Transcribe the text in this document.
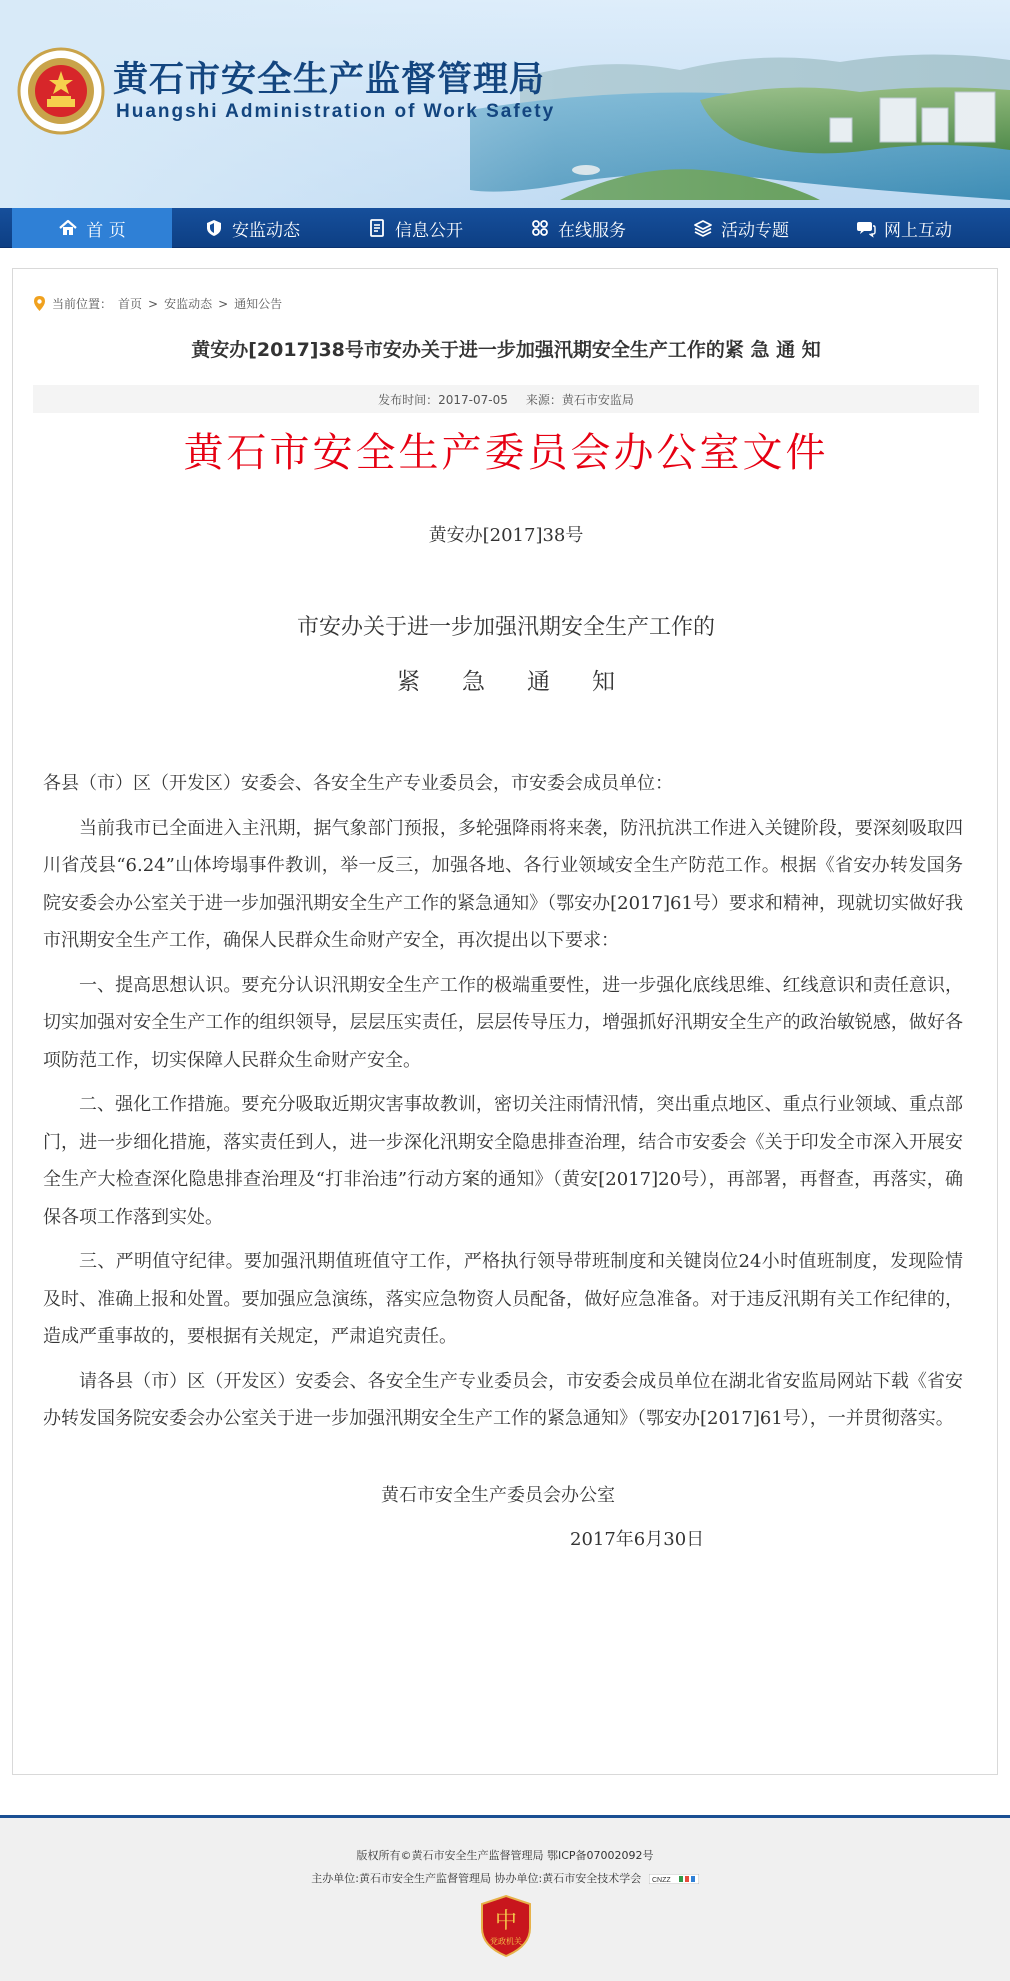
黄石市安全生产监督管理局
Huangshi Administration of Work Safety
首 页	安监动态	信息公开	在线服务	活动专题	网上互动
当前位置： 首页 > 安监动态 > 通知公告
黄安办[2017]38号市安办关于进一步加强汛期安全生产工作的紧 急 通 知
发布时间：2017-07-05 来源：黄石市安监局
黄石市安全生产委员会办公室文件
黄安办[2017]38号
市安办关于进一步加强汛期安全生产工作的
紧急通知

各县（市）区（开发区）安委会、各安全生产专业委员会，市安委会成员单位：

当前我市已全面进入主汛期，据气象部门预报，多轮强降雨将来袭，防汛抗洪工作进入关键阶段，要深刻吸取四川省茂县“6.24”山体垮塌事件教训，举一反三，加强各地、各行业领域安全生产防范工作。根据《省安办转发国务院安委会办公室关于进一步加强汛期安全生产工作的紧急通知》（鄂安办[2017]61号）要求和精神，现就切实做好我市汛期安全生产工作，确保人民群众生命财产安全，再次提出以下要求：

一、提高思想认识。要充分认识汛期安全生产工作的极端重要性，进一步强化底线思维、红线意识和责任意识，切实加强对安全生产工作的组织领导，层层压实责任，层层传导压力，增强抓好汛期安全生产的政治敏锐感，做好各项防范工作，切实保障人民群众生命财产安全。

二、强化工作措施。要充分吸取近期灾害事故教训，密切关注雨情汛情，突出重点地区、重点行业领域、重点部门，进一步细化措施，落实责任到人，进一步深化汛期安全隐患排查治理，结合市安委会《关于印发全市深入开展安全生产大检查深化隐患排查治理及“打非治违”行动方案的通知》（黄安[2017]20号），再部署，再督查，再落实，确保各项工作落到实处。

三、严明值守纪律。要加强汛期值班值守工作，严格执行领导带班制度和关键岗位24小时值班制度，发现险情及时、准确上报和处置。要加强应急演练，落实应急物资人员配备，做好应急准备。对于违反汛期有关工作纪律的，造成严重事故的，要根据有关规定，严肃追究责任。

请各县（市）区（开发区）安委会、各安全生产专业委员会，市安委会成员单位在湖北省安监局网站下载《省安办转发国务院安委会办公室关于进一步加强汛期安全生产工作的紧急通知》（鄂安办[2017]61号），一并贯彻落实。

黄石市安全生产委员会办公室
2017年6月30日
版权所有©黄石市安全生产监督管理局 鄂ICP备07002092号
主办单位:黄石市安全生产监督管理局 协办单位:黄石市安全技术学会 CNZZ
中
党政机关
